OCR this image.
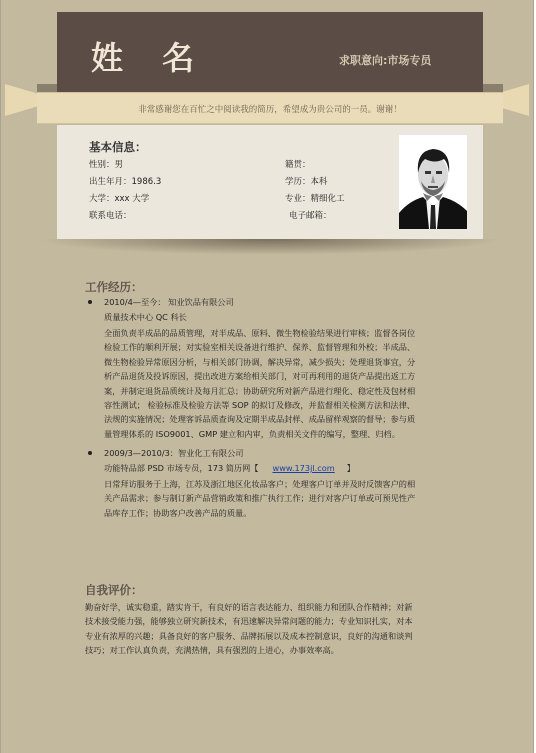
姓 名	求职意向:市场专员
非常感谢您在百忙之中阅读我的简历，希望成为贵公司的一员。谢谢！
基本信息：
性别：男
出生年月：1986.3
大学：xxx 大学
联系电话：
籍贯：
学历：本科
专业：精细化工
电子邮箱：
工作经历：
2010/4—至今： 知业饮品有限公司
质量技术中心 QC 科长
全面负责半成品的品质管理，对半成品、原料、微生物检验结果进行审核；监督各岗位
检验工作的顺利开展；对实验室相关设备进行维护、保养、监督管理和外校；半成品、
微生物检验异常原因分析，与相关部门协调，解决异常，减少损失；处理退货事宜，分
析产品退货及投诉原因，提出改进方案给相关部门，对可再利用的退货产品提出返工方
案，并制定退货品质统计及每月汇总；协助研究所对新产品进行理化、稳定性及包材相
容性测试； 检验标准及检验方法等 SOP 的拟订及修改，并监督相关检测方法和法律、
法规的实施情况；处理客诉品质查询及定期半成品封样、成品留样观察的督导；参与质
量管理体系的 ISO9001、GMP 建立和内审，负责相关文件的编写，整理、归档。
2009/3—2010/3：智业化工有限公司
功能特品部 PSD 市场专员，173 简历网【 www.173jl.com 】
日常拜访服务于上海，江苏及浙江地区化妆品客户；处理客户订单并及时反馈客户的相
关产品需求；参与制订新产品营销政策和推广执行工作；进行对客户订单或可预见性产
品库存工作；协助客户改善产品的质量。
自我评价：
勤奋好学，诚实稳重，踏实肯干，有良好的语言表达能力、组织能力和团队合作精神；对新
技术接受能力强，能够独立研究新技术，有迅速解决异常问题的能力；专业知识扎实，对本
专业有浓厚的兴趣；具备良好的客户服务、品牌拓展以及成本控制意识，良好的沟通和谈判
技巧；对工作认真负责，充满热情，具有强烈的上进心，办事效率高。
